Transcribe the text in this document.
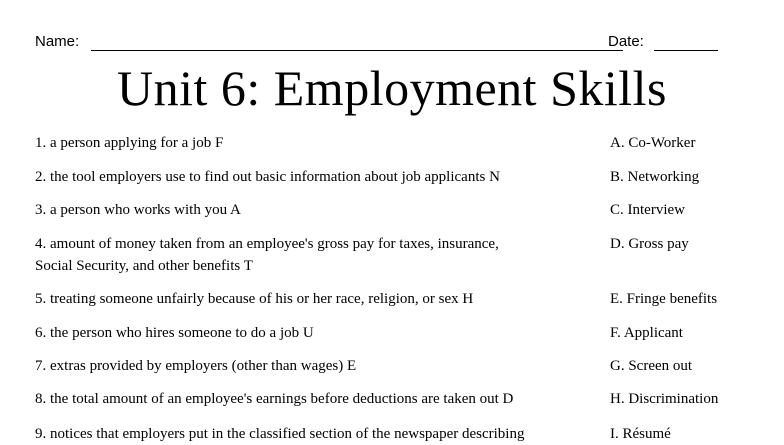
Name:	Date:
Unit 6: Employment Skills
1. a person applying for a job F
2. the tool employers use to find out basic information about job applicants N
3. a person who works with you A
4. amount of money taken from an employee's gross pay for taxes, insurance,
Social Security, and other benefits T
5. treating someone unfairly because of his or her race, religion, or sex H
6. the person who hires someone to do a job U
7. extras provided by employers (other than wages) E
8. the total amount of an employee's earnings before deductions are taken out D
9. notices that employers put in the classified section of the newspaper describing
A. Co-Worker
B. Networking
C. Interview
D. Gross pay
E. Fringe benefits
F. Applicant
G. Screen out
H. Discrimination
I. Résumé
